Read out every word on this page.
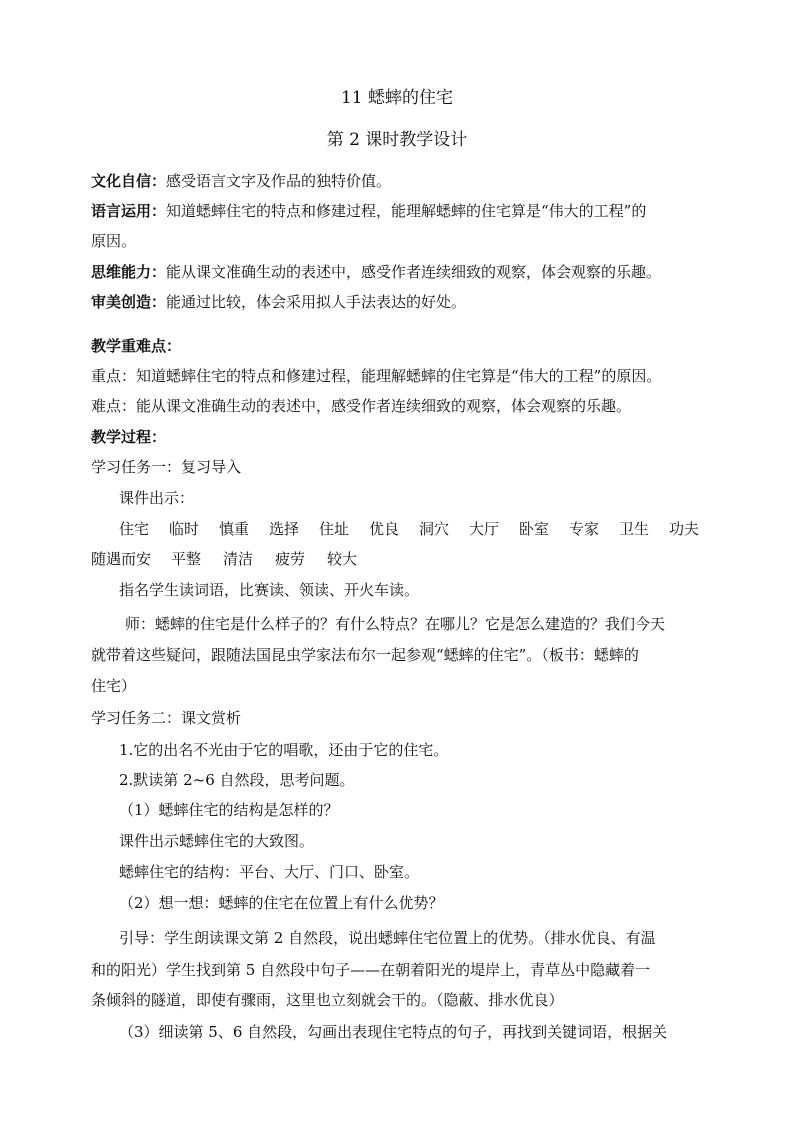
11 蟋蟀的住宅
第 2 课时教学设计
文化自信：感受语言文字及作品的独特价值。
语言运用：知道蟋蟀住宅的特点和修建过程，能理解蟋蟀的住宅算是“伟大的工程”的
原因。
思维能力：能从课文准确生动的表述中，感受作者连续细致的观察，体会观察的乐趣。
审美创造：能通过比较，体会采用拟人手法表达的好处。
教学重难点：
重点：知道蟋蟀住宅的特点和修建过程，能理解蟋蟀的住宅算是“伟大的工程”的原因。
难点：能从课文准确生动的表述中，感受作者连续细致的观察，体会观察的乐趣。
教学过程：
学习任务一：复习导入
课件出示：
住宅 临时 慎重 选择 住址 优良 洞穴 大厅 卧室 专家 卫生 功夫
随遇而安 平整 清洁 疲劳 较大
指名学生读词语，比赛读、领读、开火车读。
师：蟋蟀的住宅是什么样子的？有什么特点？在哪儿？它是怎么建造的？我们今天
就带着这些疑问，跟随法国昆虫学家法布尔一起参观“蟋蟀的住宅”。（板书：蟋蟀的
住宅）
学习任务二：课文赏析
1.它的出名不光由于它的唱歌，还由于它的住宅。
2.默读第 2~6 自然段，思考问题。
（1）蟋蟀住宅的结构是怎样的？
课件出示蟋蟀住宅的大致图。
蟋蟀住宅的结构：平台、大厅、门口、卧室。
（2）想一想：蟋蟀的住宅在位置上有什么优势？
引导：学生朗读课文第 2 自然段，说出蟋蟀住宅位置上的优势。（排水优良、有温
和的阳光）学生找到第 5 自然段中句子——在朝着阳光的堤岸上，青草丛中隐藏着一
条倾斜的隧道，即使有骤雨，这里也立刻就会干的。（隐蔽、排水优良）
（3）细读第 5、6 自然段，勾画出表现住宅特点的句子，再找到关键词语，根据关
